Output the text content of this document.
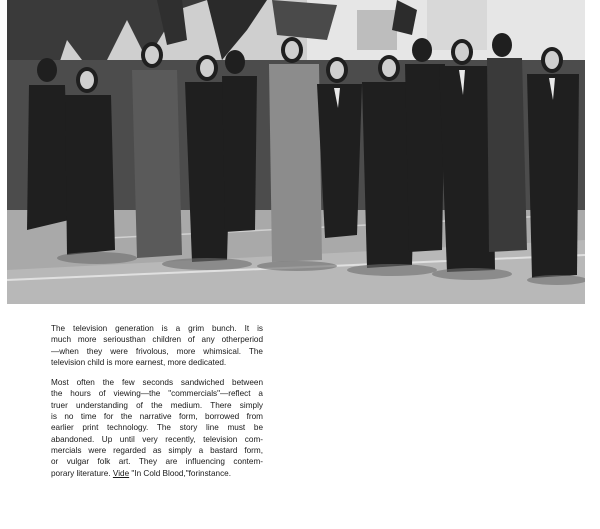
The television generation is a grim bunch. It is
much more seriousthan children of any otherperiod
—when they were frivolous, more whimsical. The
television child is more earnest, more dedicated.

Most often the few seconds sandwiched between
the hours of viewing—the "commercials"—reflect a
truer understanding of the medium. There simply
is no time for the narrative form, borrowed from
earlier print technology. The story line must be
abandoned. Up until very recently, television com-
mercials were regarded as simply a bastard form,
or vulgar folk art. They are influencing contem-
porary literature. Vide "In Cold Blood,"forinstance.
